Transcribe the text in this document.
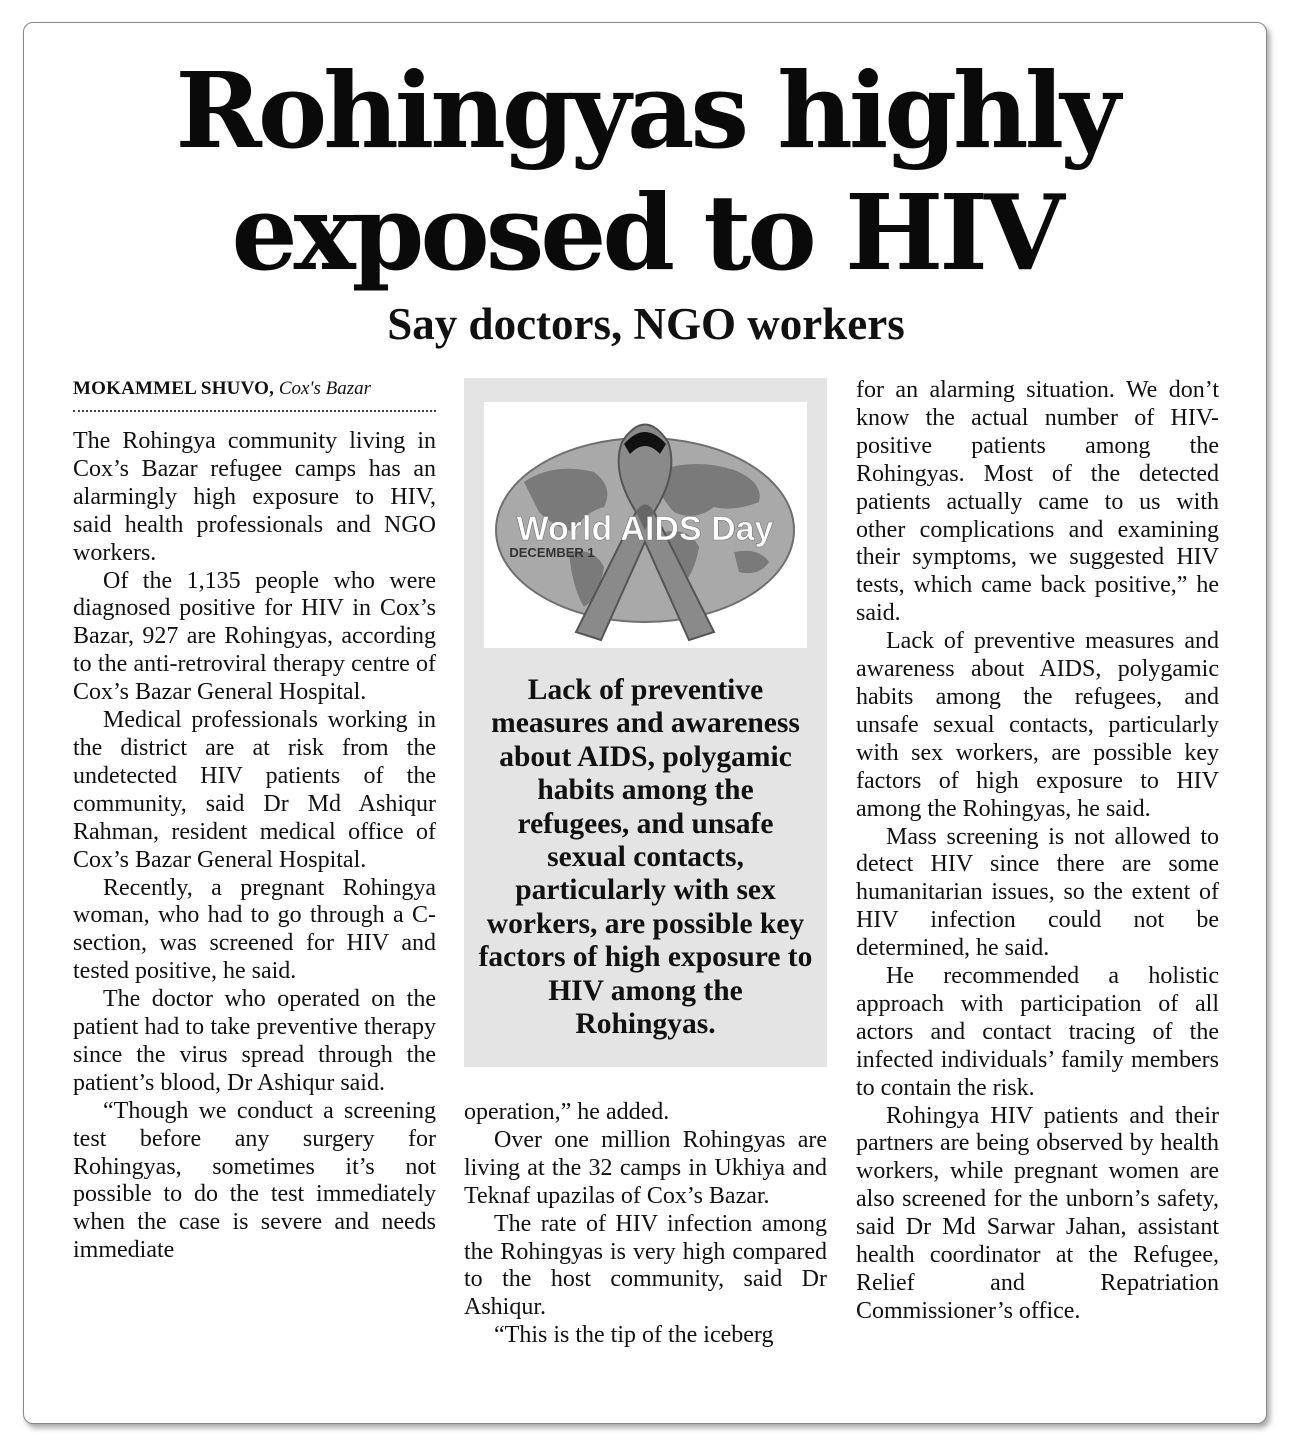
Rohingyas highly
exposed to HIV
Say doctors, NGO workers
MOKAMMEL SHUVO, Cox's Bazar

The Rohingya community living in Cox’s Bazar refugee camps has an alarmingly high exposure to HIV, said health professionals and NGO workers.

Of the 1,135 people who were diagnosed positive for HIV in Cox’s Bazar, 927 are Rohingyas, according to the anti-retroviral therapy centre of Cox’s Bazar General Hospital.

Medical professionals working in the district are at risk from the undetected HIV patients of the community, said Dr Md Ashiqur Rahman, resident medical office of Cox’s Bazar General Hospital.

Recently, a pregnant Rohingya woman, who had to go through a C-section, was screened for HIV and tested positive, he said.

The doctor who operated on the patient had to take preventive therapy since the virus spread through the patient’s blood, Dr Ashiqur said.

“Though we conduct a screening test before any surgery for Rohingyas, sometimes it’s not possible to do the test immediately when the case is severe and needs immediate

World AIDS Day
DECEMBER 1
Lack of preventive measures and awareness about AIDS, polygamic habits among the refugees, and unsafe sexual contacts, particularly with sex workers, are possible key factors of high exposure to HIV among the Rohingyas.

operation,” he added.

Over one million Rohingyas are living at the 32 camps in Ukhiya and Teknaf upazilas of Cox’s Bazar.

The rate of HIV infection among the Rohingyas is very high compared to the host community, said Dr Ashiqur.

“This is the tip of the iceberg

for an alarming situation. We don’t know the actual number of HIV-positive patients among the Rohingyas. Most of the detected patients actually came to us with other complications and examining their symptoms, we suggested HIV tests, which came back positive,” he said.

Lack of preventive measures and awareness about AIDS, polygamic habits among the refugees, and unsafe sexual contacts, particularly with sex workers, are possible key factors of high exposure to HIV among the Rohingyas, he said.

Mass screening is not allowed to detect HIV since there are some humanitarian issues, so the extent of HIV infection could not be determined, he said.

He recommended a holistic approach with participation of all actors and contact tracing of the infected individuals’ family members to contain the risk.

Rohingya HIV patients and their partners are being observed by health workers, while pregnant women are also screened for the unborn’s safety, said Dr Md Sarwar Jahan, assistant health coordinator at the Refugee, Relief and Repatriation Commissioner’s office.
